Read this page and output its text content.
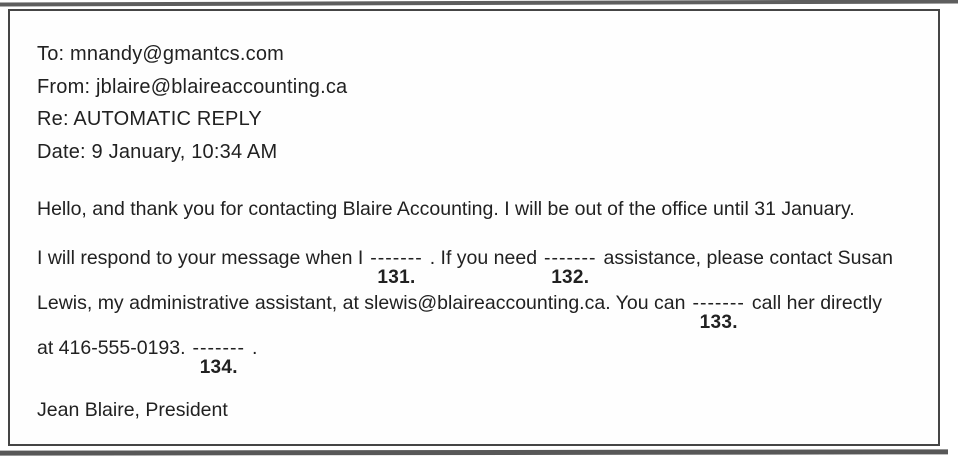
To: mnandy@gmantcs.com
From: jblaire@blaireaccounting.ca
Re: AUTOMATIC REPLY
Date: 9 January, 10:34 AM
Hello, and thank you for contacting Blaire Accounting. I will be out of the office until 31 January.
I will respond to your message when I -------
131.
. If you need -------
132.
assistance, please contact Susan
Lewis, my administrative assistant, at slewis@blaireaccounting.ca. You can -------
133.
call her directly
at 416-555-0193. -------
134.
.
Jean Blaire, President
